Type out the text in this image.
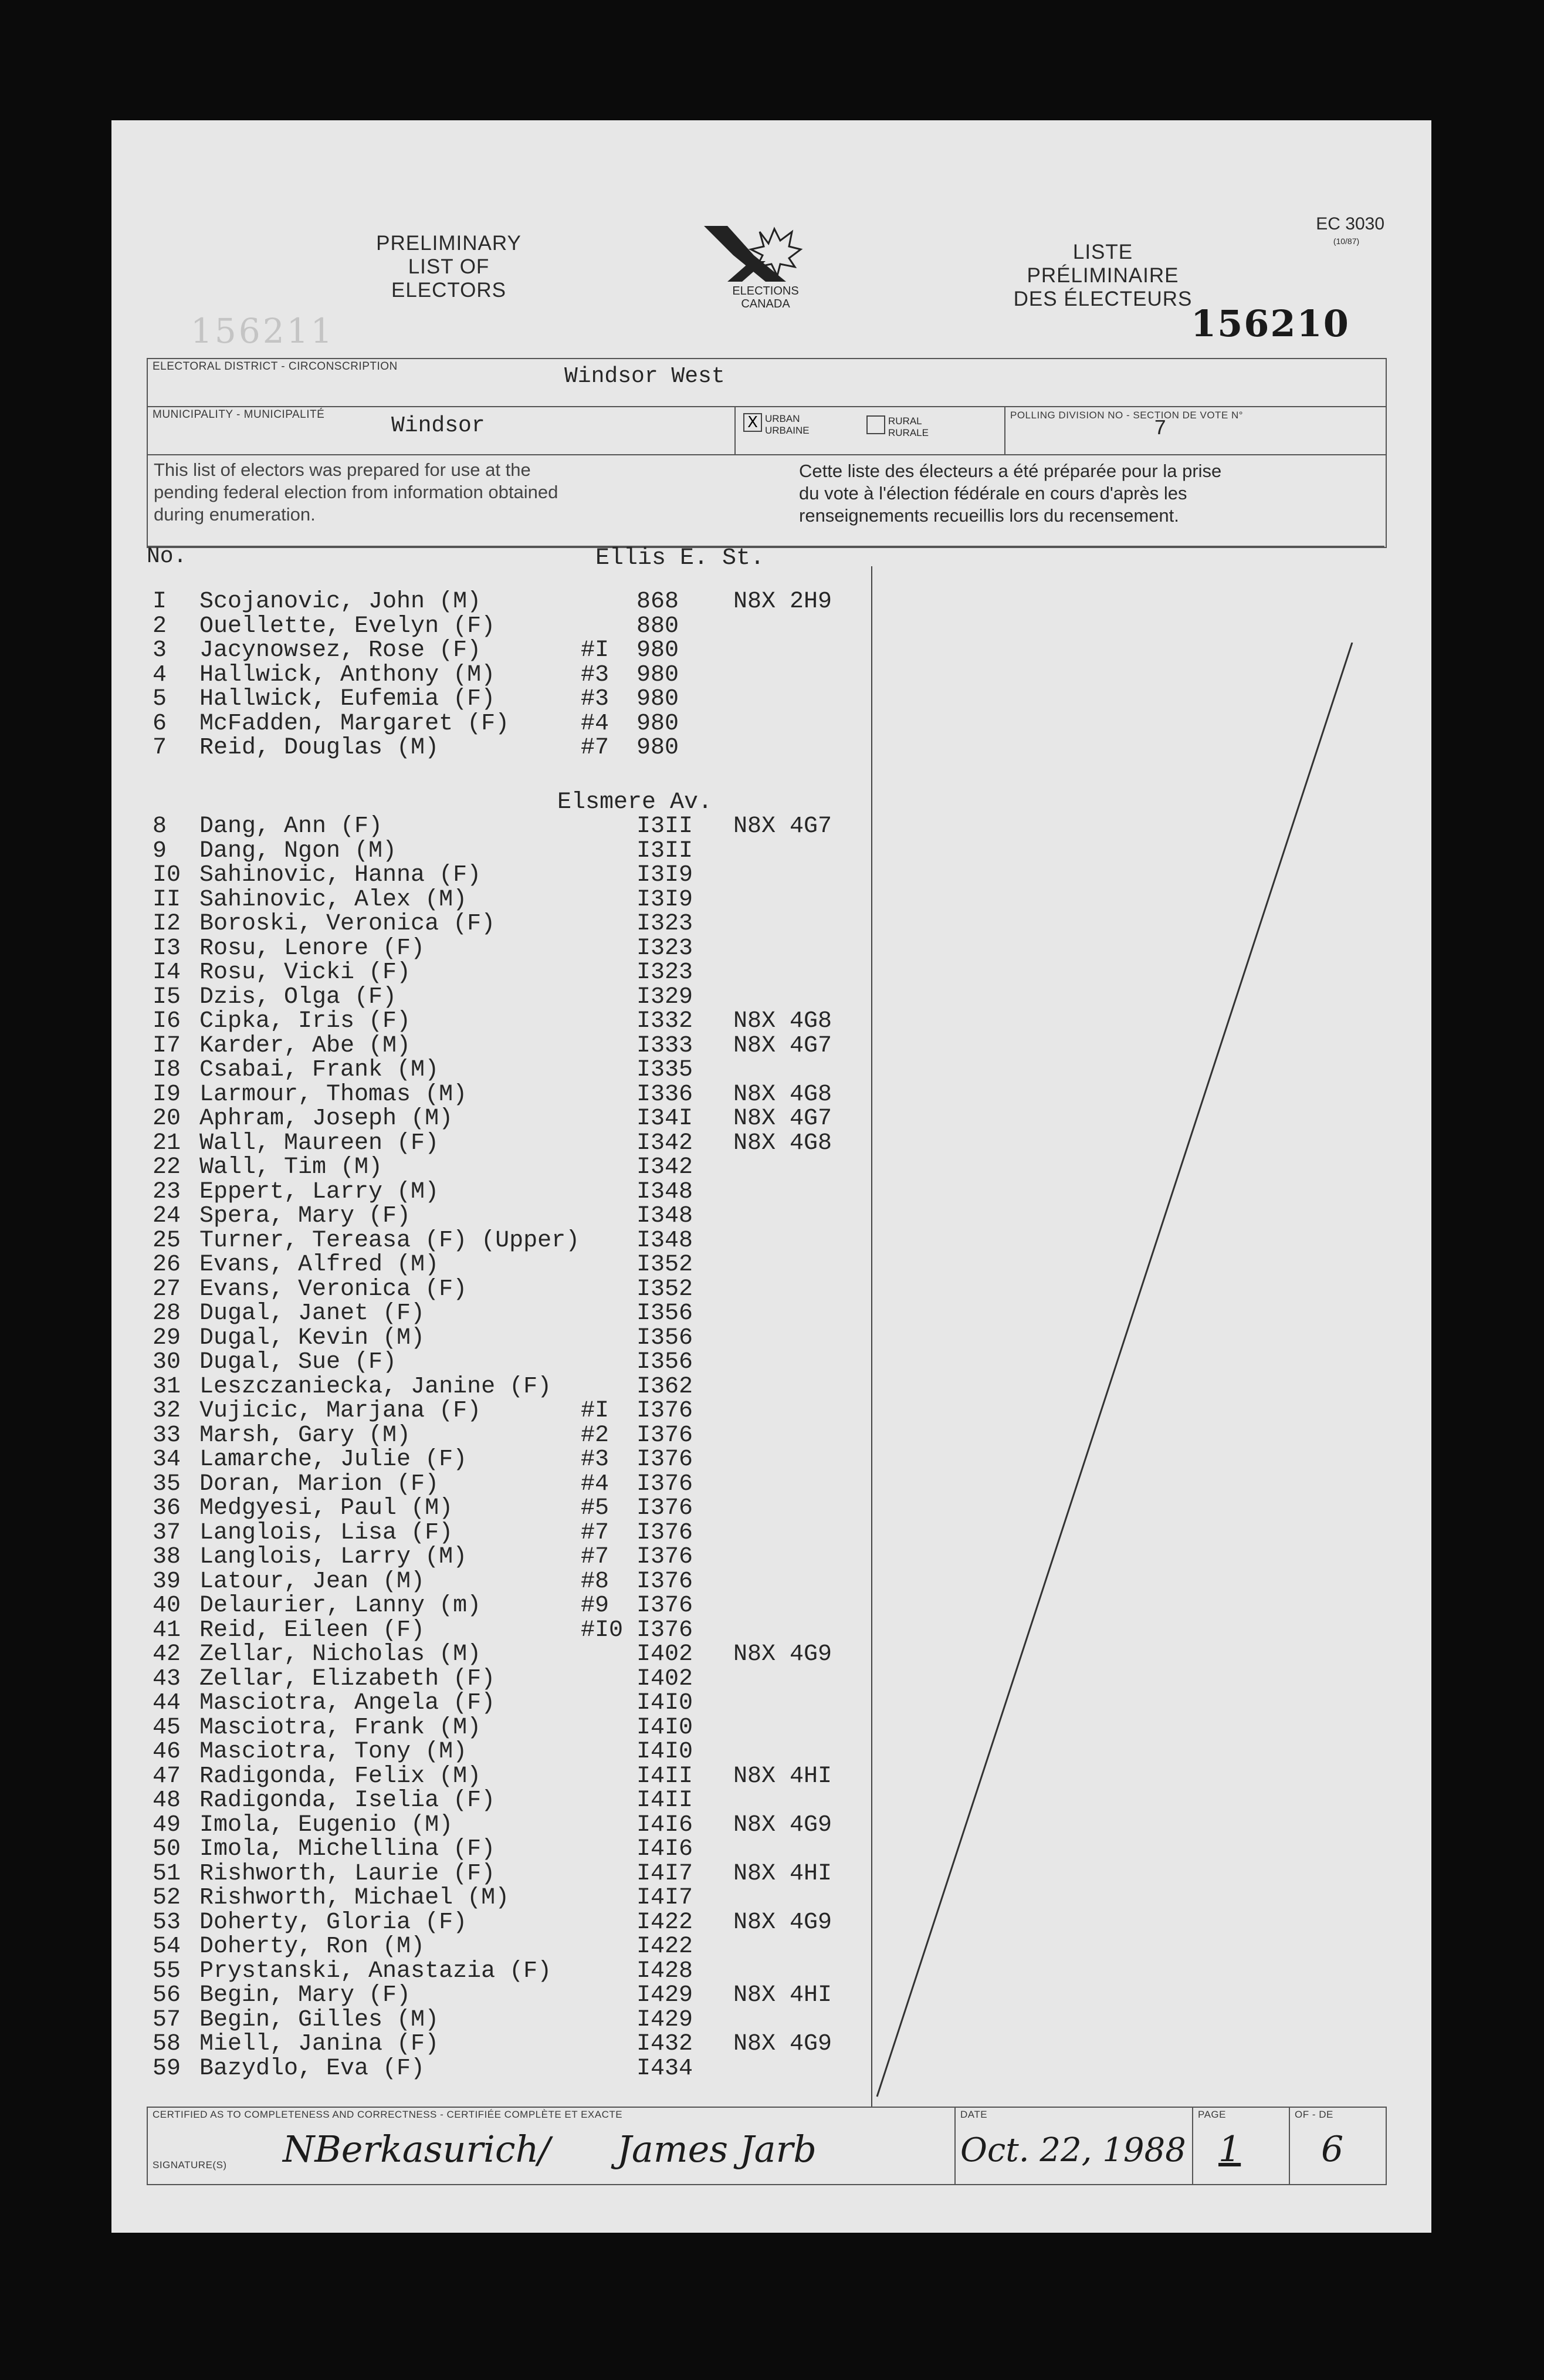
PRELIMINARY
LIST OF
ELECTORS	ELECTIONS
CANADA
LISTE
PRÉLIMINAIRE
DES ÉLECTEURS
EC 3030
(10/87)
156210
156211
ELECTORAL DISTRICT - CIRCONSCRIPTION	Windsor West
MUNICIPALITY - MUNICIPALITÉ	Windsor	X URBAN
URBAINE
RURAL
RURALE
POLLING DIVISION NO - SECTION DE VOTE N°
7
This list of electors was prepared for use at the
pending federal election from information obtained
during enumeration.
Cette liste des électeurs a été préparée pour la prise
du vote à l'élection fédérale en cours d'après les
renseignements recueillis lors du recensement.
No.	Ellis E. St.
I	Scojanovic, John (M)	868 N8X 2H9
2	Ouellette, Evelyn (F)	880
3	Jacynowsez, Rose (F)	#I	980
4	Hallwick, Anthony (M)	#3	980
5	Hallwick, Eufemia (F)	#3	980
6	McFadden, Margaret (F)	#4	980
7	Reid, Douglas (M)	#7	980
Elsmere Av.
8	Dang, Ann (F)	I3II N8X 4G7
9	Dang, Ngon (M)	I3II
I0 Sahinovic, Hanna (F)	I3I9
II Sahinovic, Alex (M)	I3I9
I2 Boroski, Veronica (F)	I323
I3 Rosu, Lenore (F)	I323
I4 Rosu, Vicki (F)	I323
I5 Dzis, Olga (F)	I329
I6 Cipka, Iris (F)	I332 N8X 4G8
I7 Karder, Abe (M)	I333 N8X 4G7
I8 Csabai, Frank (M)	I335
I9 Larmour, Thomas (M)	I336 N8X 4G8
20 Aphram, Joseph (M)	I34I N8X 4G7
21 Wall, Maureen (F)	I342 N8X 4G8
22 Wall, Tim (M)	I342
23 Eppert, Larry (M)	I348
24 Spera, Mary (F)	I348
25 Turner, Tereasa (F) (Upper) I348
26 Evans, Alfred (M)	I352
27 Evans, Veronica (F)	I352
28 Dugal, Janet (F)	I356
29 Dugal, Kevin (M)	I356
30 Dugal, Sue (F)	I356
31 Leszczaniecka, Janine (F)	I362
32 Vujicic, Marjana (F)	#I	I376
33 Marsh, Gary (M)	#2	I376
34 Lamarche, Julie (F)	#3	I376
35 Doran, Marion (F)	#4	I376
36 Medgyesi, Paul (M)	#5	I376
37 Langlois, Lisa (F)	#7	I376
38 Langlois, Larry (M)	#7	I376
39 Latour, Jean (M)	#8	I376
40 Delaurier, Lanny (m)	#9	I376
41 Reid, Eileen (F)	#I0 I376
42 Zellar, Nicholas (M)	I402 N8X 4G9
43 Zellar, Elizabeth (F)	I402
44 Masciotra, Angela (F)	I4I0
45 Masciotra, Frank (M)	I4I0
46 Masciotra, Tony (M)	I4I0
47 Radigonda, Felix (M)	I4II N8X 4HI
48 Radigonda, Iselia (F)	I4II
49 Imola, Eugenio (M)	I4I6 N8X 4G9
50 Imola, Michellina (F)	I4I6
51 Rishworth, Laurie (F)	I4I7 N8X 4HI
52 Rishworth, Michael (M)	I4I7
53 Doherty, Gloria (F)	I422 N8X 4G9
54 Doherty, Ron (M)	I422
55 Prystanski, Anastazia (F)	I428
56 Begin, Mary (F)	I429 N8X 4HI
57 Begin, Gilles (M)	I429
58 Miell, Janina (F)	I432 N8X 4G9
59 Bazydlo, Eva (F)	I434
CERTIFIED AS TO COMPLETENESS AND CORRECTNESS - CERTIFIÉE COMPLÈTE ET EXACTE
SIGNATURE(S) NBerkasurich
/ James Jarb
DATE
Oct. 22, 1988
PAGE
1
OF - DE
6
